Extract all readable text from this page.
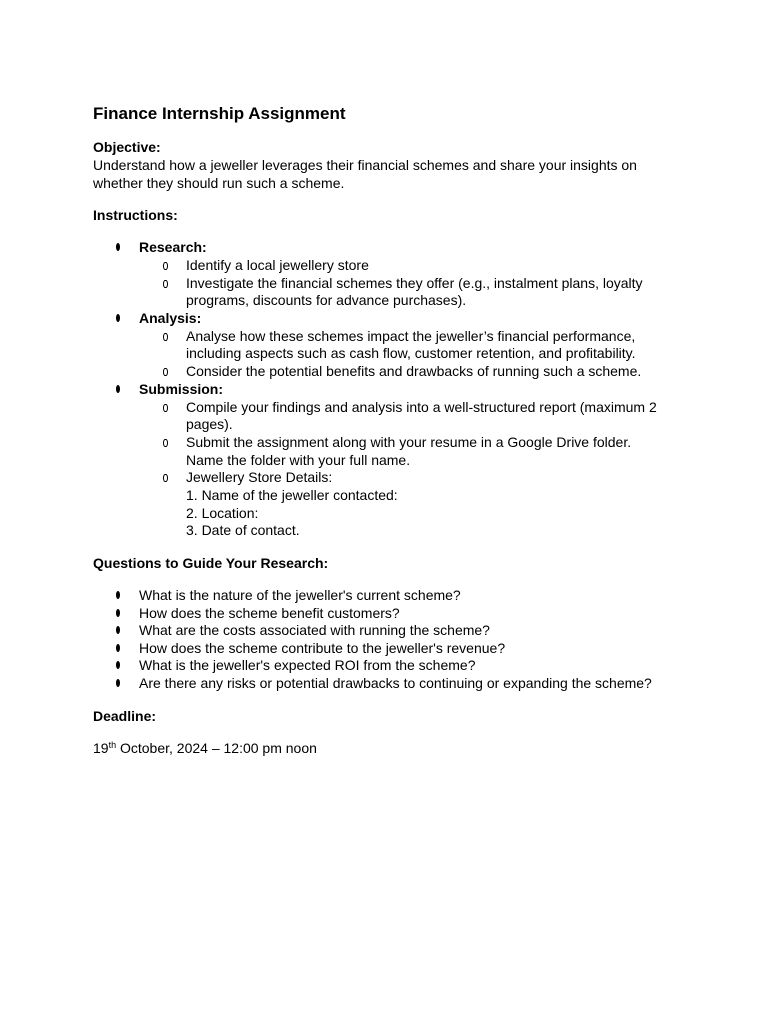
Finance Internship Assignment
Objective:
Understand how a jeweller leverages their financial schemes and share your insights on
whether they should run such a scheme.
Instructions:
Research:
Identify a local jewellery store
Investigate the financial schemes they offer (e.g., instalment plans, loyalty
programs, discounts for advance purchases).
Analysis:
Analyse how these schemes impact the jeweller’s financial performance,
including aspects such as cash flow, customer retention, and profitability.
Consider the potential benefits and drawbacks of running such a scheme.
Submission:
Compile your findings and analysis into a well-structured report (maximum 2
pages).
Submit the assignment along with your resume in a Google Drive folder.
Name the folder with your full name.
Jewellery Store Details:
1. Name of the jeweller contacted:
2. Location:
3. Date of contact.
Questions to Guide Your Research:
What is the nature of the jeweller's current scheme?
How does the scheme benefit customers?
What are the costs associated with running the scheme?
How does the scheme contribute to the jeweller's revenue?
What is the jeweller's expected ROI from the scheme?
Are there any risks or potential drawbacks to continuing or expanding the scheme?
Deadline:
19th October, 2024 – 12:00 pm noon
